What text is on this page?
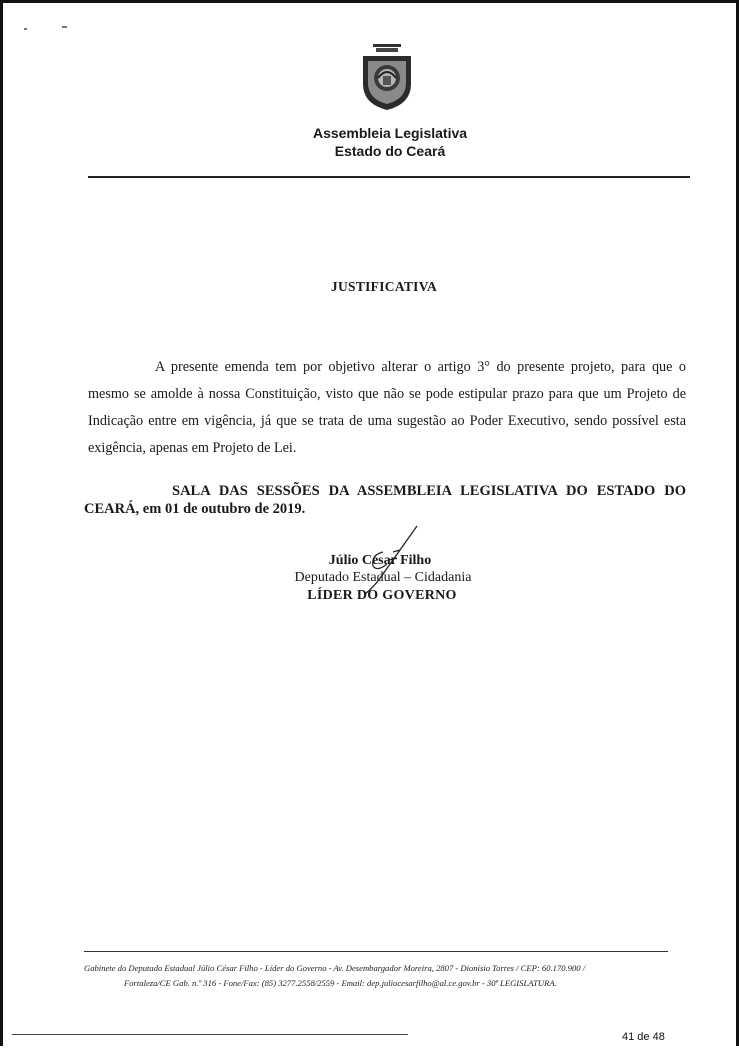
Assembleia Legislativa
Estado do Ceará
JUSTIFICATIVA
A presente emenda tem por objetivo alterar o artigo 3° do presente projeto, para que o mesmo se amolde à nossa Constituição, visto que não se pode estipular prazo para que um Projeto de Indicação entre em vigência, já que se trata de uma sugestão ao Poder Executivo, sendo possível esta exigência, apenas em Projeto de Lei.
SALA DAS SESSÕES DA ASSEMBLEIA LEGISLATIVA DO ESTADO DO CEARÁ, em 01 de outubro de 2019.
Júlio César Filho
Deputado Estadual – Cidadania
LÍDER DO GOVERNO
Gabinete do Deputado Estadual Júlio César Filho - Líder do Governo - Av. Desembargador Moreira, 2807 - Dionísio Torres / CEP: 60.170.900 /
Fortaleza/CE Gab. n.º 316 - Fone/Fax: (85) 3277.2558/2559 - Email: dep.juliocesarfilho@al.ce.gov.br - 30ª LEGISLATURA.
41 de 48
